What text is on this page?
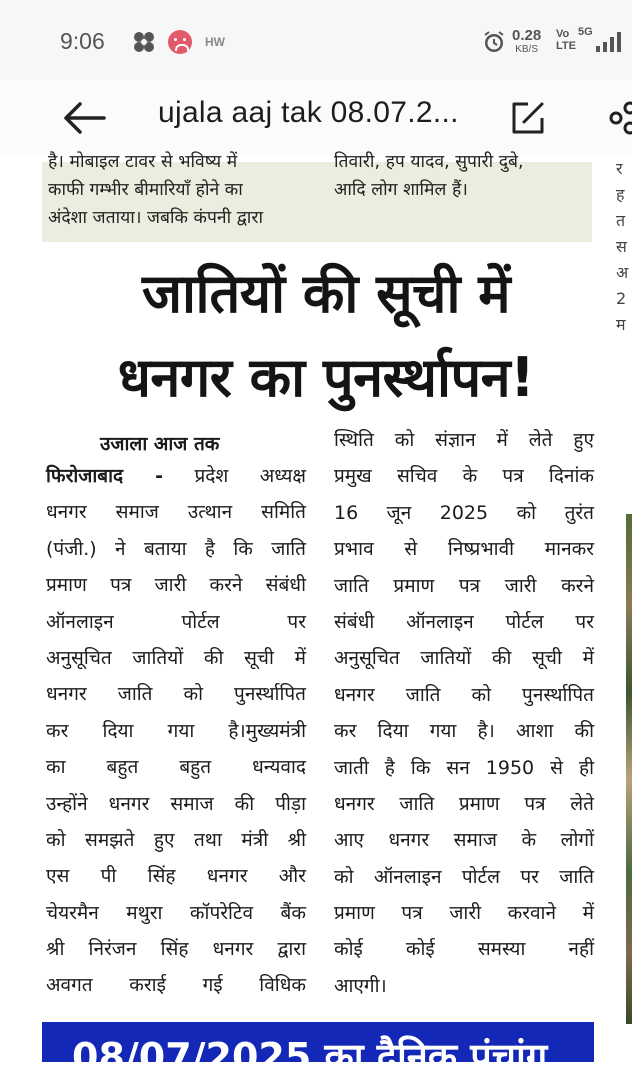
9:06	HW	0.28
KB/S
Vo
LTE
5G
ujala aaj tak 08.07.2...
है। मोबाइल टावर से भविष्य में
काफी गम्भीर बीमारियाँ होने का
अंदेशा जताया। जबकि कंपनी द्वारा
तिवारी, हप यादव, सुपारी दुबे,
आदि लोग शामिल हैं।
र
ह
त
स
अ
2
म
जातियों की सूची में
धनगर का पुनर्स्थापन!
उजाला आज तक
फिरोजाबाद - प्रदेश अध्यक्ष
धनगर समाज उत्थान समिति
(पंजी.) ने बताया है कि जाति
प्रमाण पत्र जारी करने संबंधी
ऑनलाइन पोर्टल पर
अनुसूचित जातियों की सूची में
धनगर जाति को पुनर्स्थापित
कर दिया गया है।मुख्यमंत्री
का बहुत बहुत धन्यवाद
उन्होंने धनगर समाज की पीड़ा
को समझते हुए तथा मंत्री श्री
एस पी सिंह धनगर और
चेयरमैन मथुरा कॉपरेटिव बैंक
श्री निरंजन सिंह धनगर द्वारा
अवगत कराई गई विधिक
स्थिति को संज्ञान में लेते हुए
प्रमुख सचिव के पत्र दिनांक
16 जून 2025 को तुरंत
प्रभाव से निष्प्रभावी मानकर
जाति प्रमाण पत्र जारी करने
संबंधी ऑनलाइन पोर्टल पर
अनुसूचित जातियों की सूची में
धनगर जाति को पुनर्स्थापित
कर दिया गया है। आशा की
जाती है कि सन 1950 से ही
धनगर जाति प्रमाण पत्र लेते
आए धनगर समाज के लोगों
को ऑनलाइन पोर्टल पर जाति
प्रमाण पत्र जारी करवाने में
कोई कोई समस्या नहीं
आएगी।
08/07/2025 का दैनिक पंचांग
